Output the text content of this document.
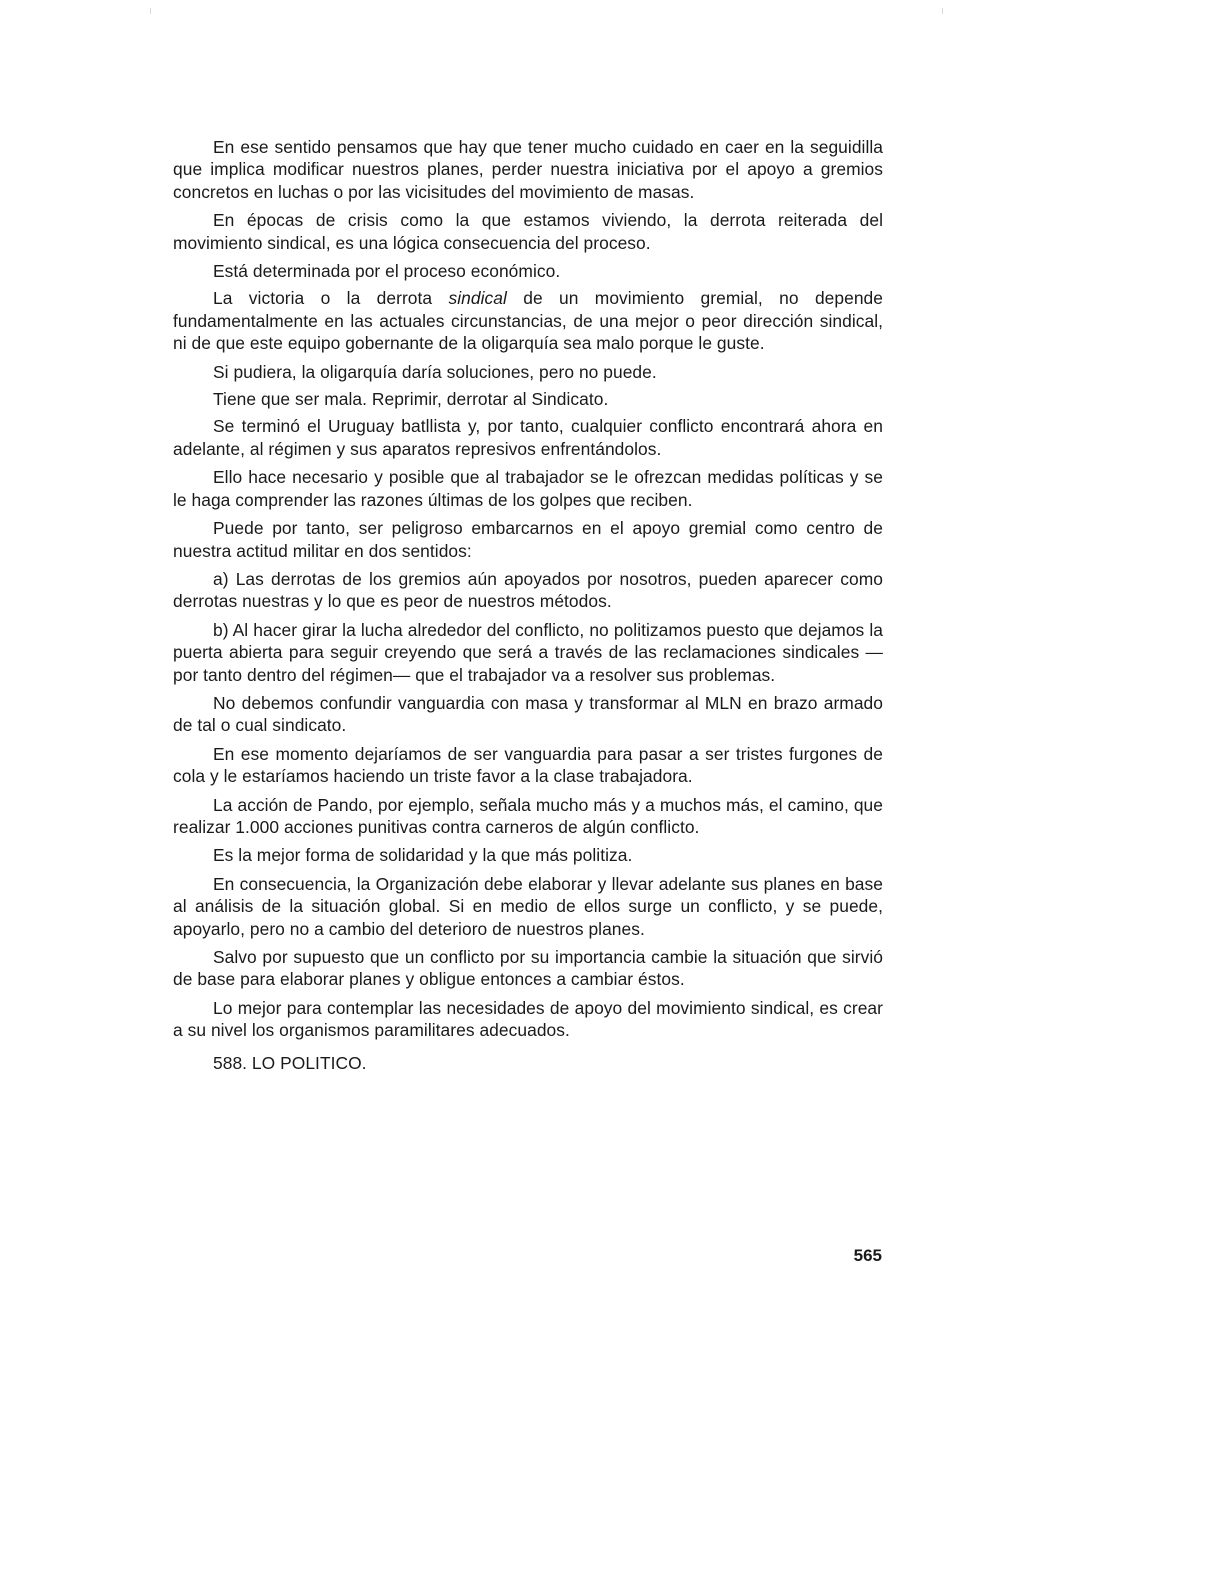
En ese sentido pensamos que hay que tener mucho cuidado en caer en la seguidilla que implica modificar nuestros planes, perder nuestra iniciativa por el apoyo a gremios concretos en luchas o por las vicisitudes del movimiento de masas.

En épocas de crisis como la que estamos viviendo, la derrota reiterada del movimiento sindical, es una lógica consecuencia del proceso.

Está determinada por el proceso económico.

La victoria o la derrota sindical de un movimiento gremial, no depende fundamentalmente en las actuales circunstancias, de una mejor o peor dirección sindical, ni de que este equipo gobernante de la oligarquía sea malo porque le guste.

Si pudiera, la oligarquía daría soluciones, pero no puede.

Tiene que ser mala. Reprimir, derrotar al Sindicato.

Se terminó el Uruguay batllista y, por tanto, cualquier conflicto encontrará ahora en adelante, al régimen y sus aparatos represivos enfrentándolos.

Ello hace necesario y posible que al trabajador se le ofrezcan medidas políticas y se le haga comprender las razones últimas de los golpes que reciben.

Puede por tanto, ser peligroso embarcarnos en el apoyo gremial como centro de nuestra actitud militar en dos sentidos:

a) Las derrotas de los gremios aún apoyados por nosotros, pueden aparecer como derrotas nuestras y lo que es peor de nuestros métodos.

b) Al hacer girar la lucha alrededor del conflicto, no politizamos puesto que dejamos la puerta abierta para seguir creyendo que será a través de las reclamaciones sindicales —por tanto dentro del régimen— que el trabajador va a resolver sus problemas.

No debemos confundir vanguardia con masa y transformar al MLN en brazo armado de tal o cual sindicato.

En ese momento dejaríamos de ser vanguardia para pasar a ser tristes furgones de cola y le estaríamos haciendo un triste favor a la clase trabajadora.

La acción de Pando, por ejemplo, señala mucho más y a muchos más, el camino, que realizar 1.000 acciones punitivas contra carneros de algún conflicto.

Es la mejor forma de solidaridad y la que más politiza.

En consecuencia, la Organización debe elaborar y llevar adelante sus planes en base al análisis de la situación global. Si en medio de ellos surge un conflicto, y se puede, apoyarlo, pero no a cambio del deterioro de nuestros planes.

Salvo por supuesto que un conflicto por su importancia cambie la situación que sirvió de base para elaborar planes y obligue entonces a cambiar éstos.

Lo mejor para contemplar las necesidades de apoyo del movimiento sindical, es crear a su nivel los organismos paramilitares adecuados.

588. LO POLITICO.

565
